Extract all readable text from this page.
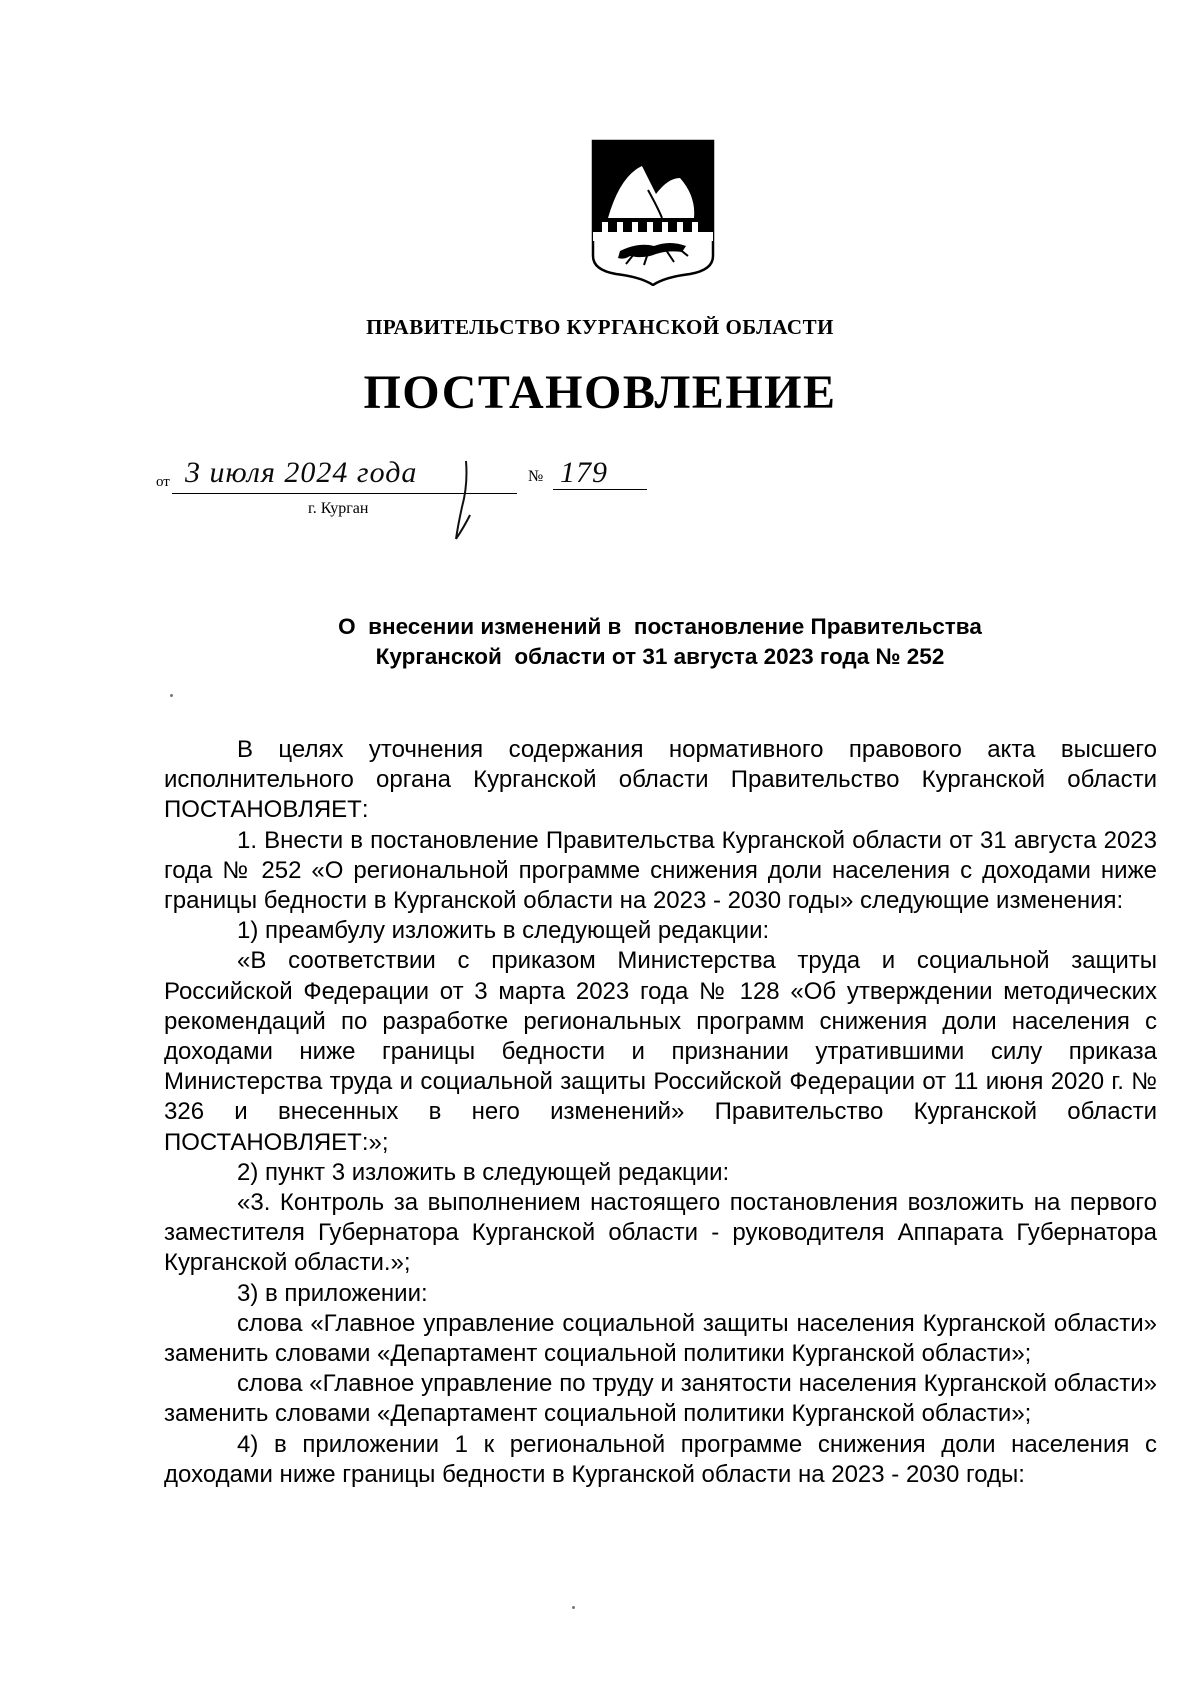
ПРАВИТЕЛЬСТВО КУРГАНСКОЙ ОБЛАСТИ
ПОСТАНОВЛЕНИЕ
от 3 июля 2024 года	№ 179
г. Курган
О  внесении изменений в  постановление Правительства
Курганской  области от 31 августа 2023 года № 252

В целях уточнения содержания нормативного правового акта высшего исполнительного органа Курганской области Правительство Курганской области ПОСТАНОВЛЯЕТ:

1. Внести в постановление Правительства Курганской области от 31 августа 2023 года № 252 «О региональной программе снижения доли населения с доходами ниже границы бедности в Курганской области на 2023 - 2030 годы» следующие изменения:

1) преамбулу изложить в следующей редакции:

«В соответствии с приказом Министерства труда и социальной защиты Российской Федерации от 3 марта 2023 года № 128 «Об утверждении методических рекомендаций по разработке региональных программ снижения доли населения с доходами ниже границы бедности и признании утратившими силу приказа Министерства труда и социальной защиты Российской Федерации от 11 июня 2020 г. № 326 и внесенных в него изменений» Правительство Курганской области ПОСТАНОВЛЯЕТ:»;

2) пункт 3 изложить в следующей редакции:

«3. Контроль за выполнением настоящего постановления возложить на первого заместителя Губернатора Курганской области - руководителя Аппарата Губернатора Курганской области.»;

3) в приложении:

слова «Главное управление социальной защиты населения Курганской области» заменить словами «Департамент социальной политики Курганской области»;

слова «Главное управление по труду и занятости населения Курганской области» заменить словами «Департамент социальной политики Курганской области»;

4) в приложении 1 к региональной программе снижения доли населения с доходами ниже границы бедности в Курганской области на 2023 - 2030 годы:
